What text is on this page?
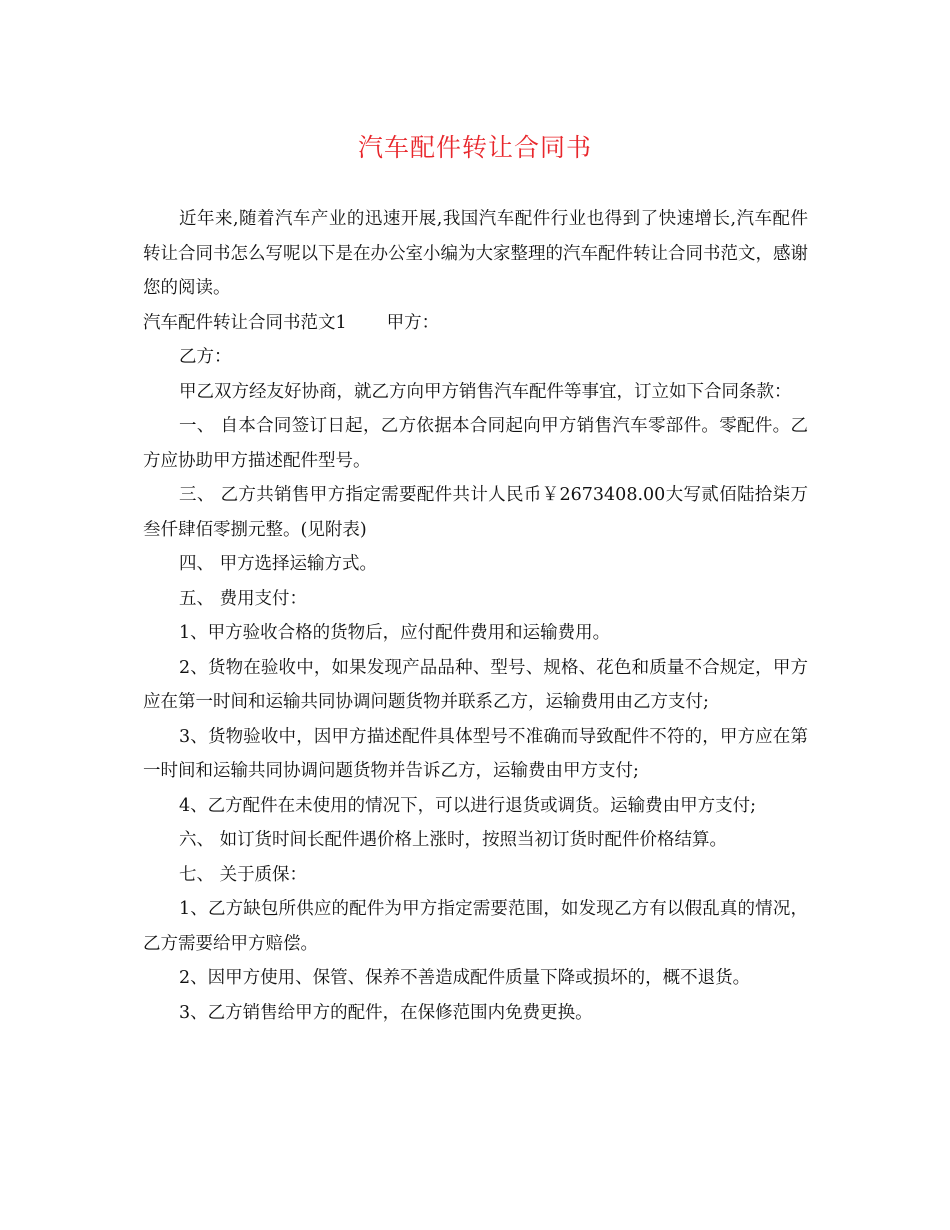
汽车配件转让合同书

近年来,随着汽车产业的迅速开展,我国汽车配件行业也得到了快速增长,汽车配件转让合同书怎么写呢以下是在办公室小编为大家整理的汽车配件转让合同书范文，感谢您的阅读。

汽车配件转让合同书范文1 甲方：

乙方：

甲乙双方经友好协商，就乙方向甲方销售汽车配件等事宜，订立如下合同条款：

一、 自本合同签订日起，乙方依据本合同起向甲方销售汽车零部件。零配件。乙方应协助甲方描述配件型号。

三、 乙方共销售甲方指定需要配件共计人民币￥2673408.00大写贰佰陆拾柒万叁仟肆佰零捌元整。(见附表)

四、 甲方选择运输方式。

五、 费用支付：

1、甲方验收合格的货物后，应付配件费用和运输费用。

2、货物在验收中，如果发现产品品种、型号、规格、花色和质量不合规定，甲方应在第一时间和运输共同协调问题货物并联系乙方，运输费用由乙方支付;

3、货物验收中，因甲方描述配件具体型号不准确而导致配件不符的，甲方应在第一时间和运输共同协调问题货物并告诉乙方，运输费由甲方支付;

4、乙方配件在未使用的情况下，可以进行退货或调货。运输费由甲方支付;

六、 如订货时间长配件遇价格上涨时，按照当初订货时配件价格结算。

七、 关于质保：

1、乙方缺包所供应的配件为甲方指定需要范围，如发现乙方有以假乱真的情况，乙方需要给甲方赔偿。

2、因甲方使用、保管、保养不善造成配件质量下降或损坏的，概不退货。

3、乙方销售给甲方的配件，在保修范围内免费更换。
